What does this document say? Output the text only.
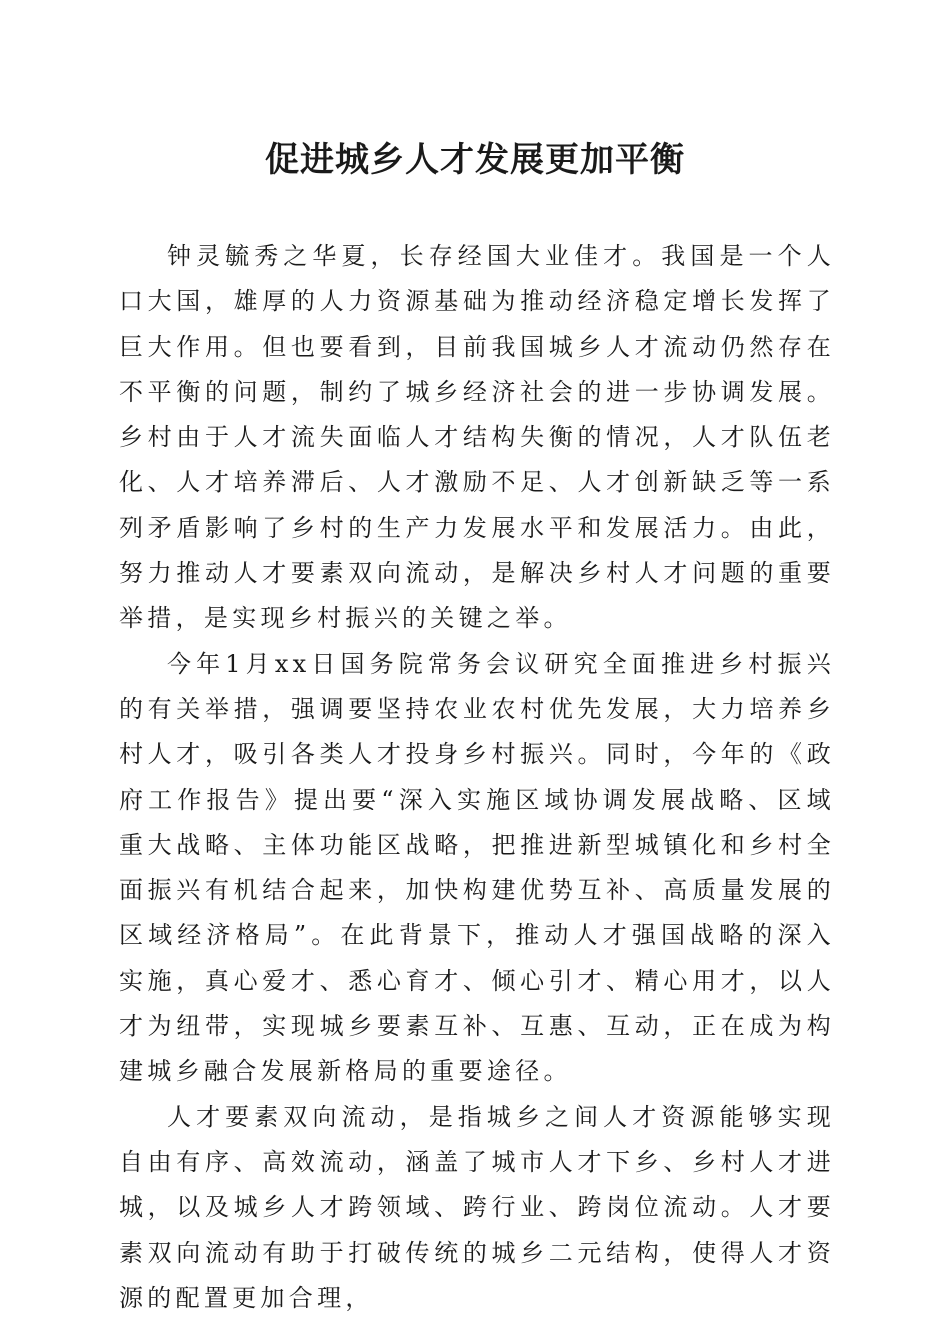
促进城乡人才发展更加平衡

钟灵毓秀之华夏，长存经国大业佳才。我国是一个人口大国，雄厚的人力资源基础为推动经济稳定增长发挥了巨大作用。但也要看到，目前我国城乡人才流动仍然存在不平衡的问题，制约了城乡经济社会的进一步协调发展。乡村由于人才流失面临人才结构失衡的情况，人才队伍老化、人才培养滞后、人才激励不足、人才创新缺乏等一系列矛盾影响了乡村的生产力发展水平和发展活力。由此，努力推动人才要素双向流动，是解决乡村人才问题的重要举措，是实现乡村振兴的关键之举。

今年1月xx日国务院常务会议研究全面推进乡村振兴的有关举措，强调要坚持农业农村优先发展，大力培养乡村人才，吸引各类人才投身乡村振兴。同时，今年的《政府工作报告》提出要“深入实施区域协调发展战略、区域重大战略、主体功能区战略，把推进新型城镇化和乡村全面振兴有机结合起来，加快构建优势互补、高质量发展的区域经济格局”。在此背景下，推动人才强国战略的深入实施，真心爱才、悉心育才、倾心引才、精心用才，以人才为纽带，实现城乡要素互补、互惠、互动，正在成为构建城乡融合发展新格局的重要途径。

人才要素双向流动，是指城乡之间人才资源能够实现自由有序、高效流动，涵盖了城市人才下乡、乡村人才进城，以及城乡人才跨领域、跨行业、跨岗位流动。人才要素双向流动有助于打破传统的城乡二元结构，使得人才资源的配置更加合理，
